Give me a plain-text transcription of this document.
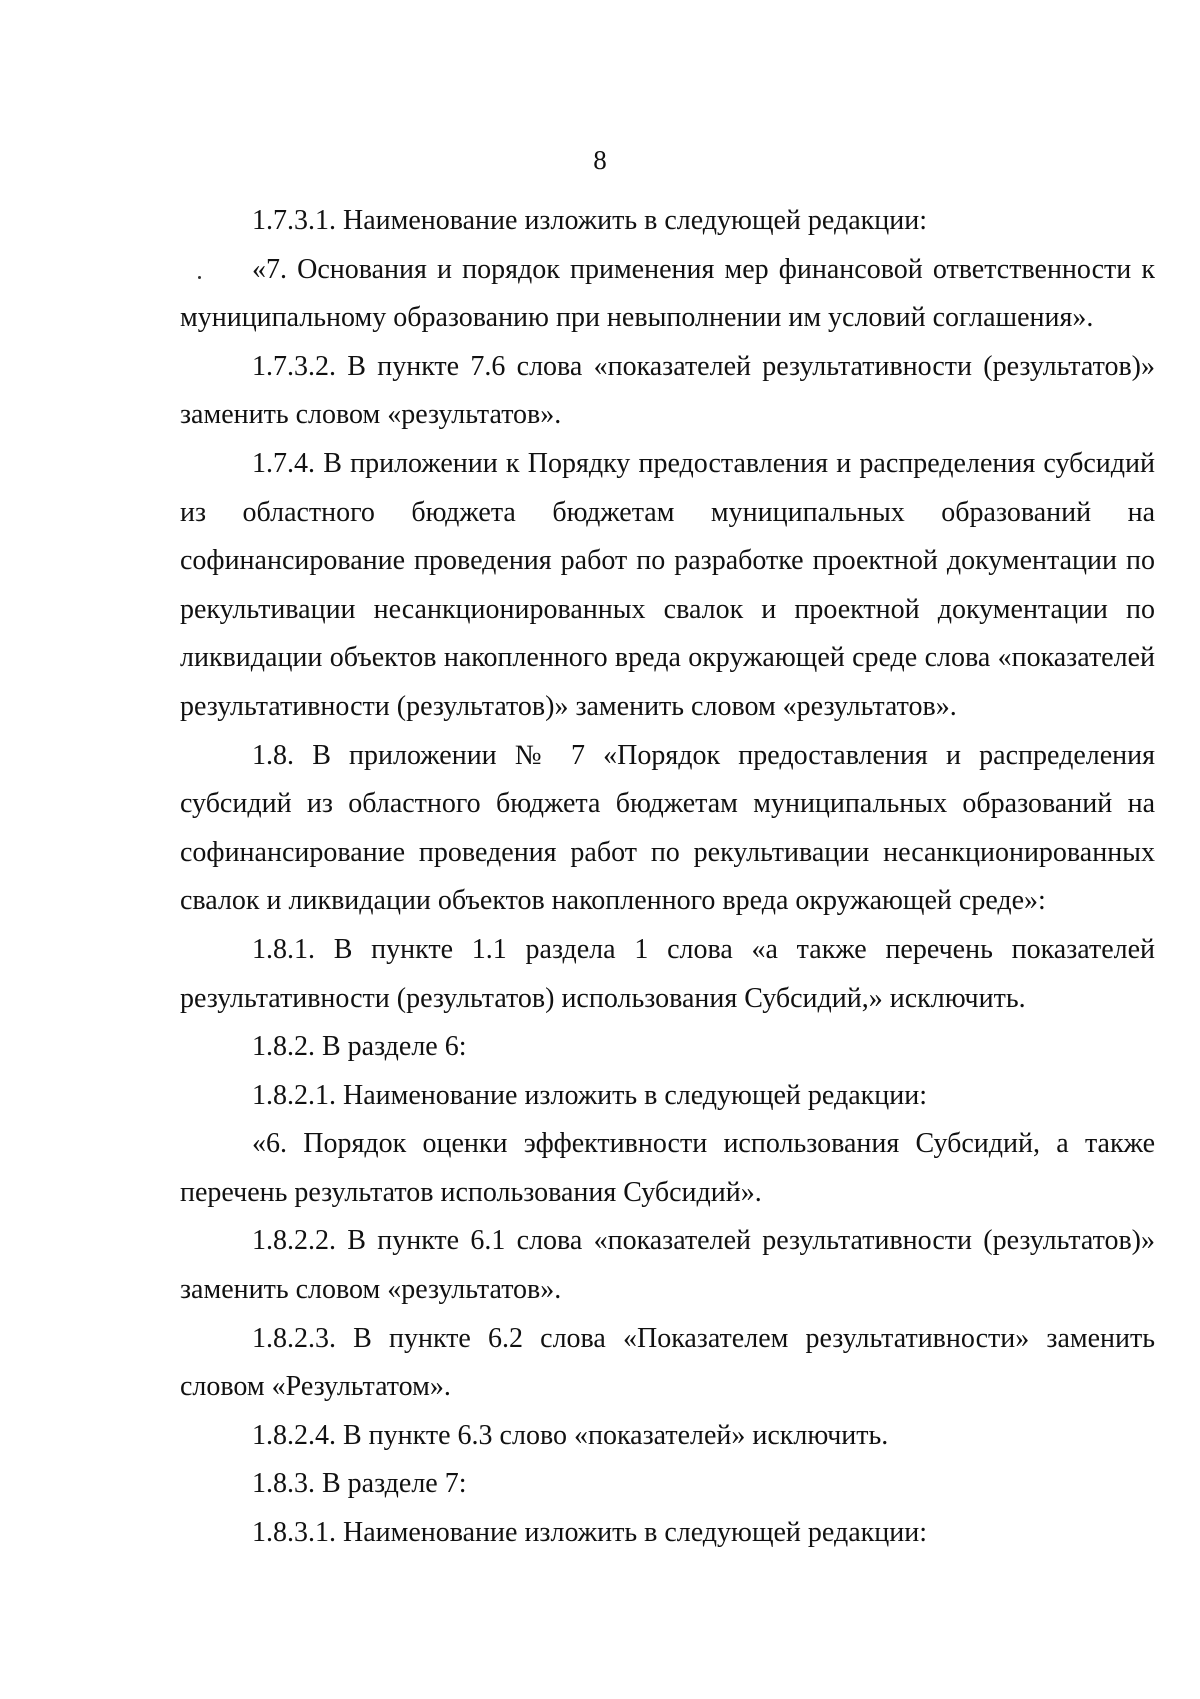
8

1.7.3.1. Наименование изложить в следующей редакции:

«7. Основания и порядок применения мер финансовой ответственности к муниципальному образованию при невыполнении им условий соглашения».

1.7.3.2. В пункте 7.6 слова «показателей результативности (результатов)» заменить словом «результатов».

1.7.4. В приложении к Порядку предоставления и распределения субсидий из областного бюджета бюджетам муниципальных образований на софинансирование проведения работ по разработке проектной документации по рекультивации несанкционированных свалок и проектной документации по ликвидации объектов накопленного вреда окружающей среде слова «показателей результативности (результатов)» заменить словом «результатов».

1.8. В приложении № 7 «Порядок предоставления и распределения субсидий из областного бюджета бюджетам муниципальных образований на софинансирование проведения работ по рекультивации несанкционированных свалок и ликвидации объектов накопленного вреда окружающей среде»:

1.8.1. В пункте 1.1 раздела 1 слова «а также перечень показателей результативности (результатов) использования Субсидий,» исключить.

1.8.2. В разделе 6:

1.8.2.1. Наименование изложить в следующей редакции:

«6. Порядок оценки эффективности использования Субсидий, а также перечень результатов использования Субсидий».

1.8.2.2. В пункте 6.1 слова «показателей результативности (результатов)» заменить словом «результатов».

1.8.2.3. В пункте 6.2 слова «Показателем результативности» заменить словом «Результатом».

1.8.2.4. В пункте 6.3 слово «показателей» исключить.

1.8.3. В разделе 7:

1.8.3.1. Наименование изложить в следующей редакции:
